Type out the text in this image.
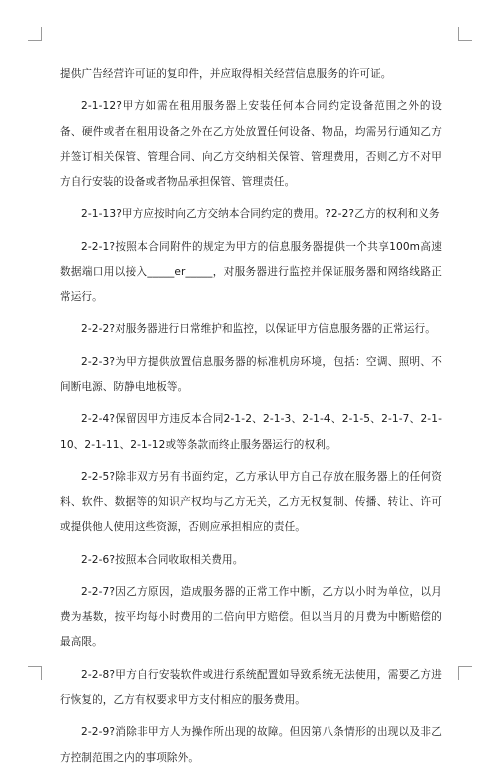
提供广告经营许可证的复印件，并应取得相关经营信息服务的许可证。

2-1-12?甲方如需在租用服务器上安装任何本合同约定设备范围之外的设备、硬件或者在租用设备之外在乙方处放置任何设备、物品，均需另行通知乙方并签订相关保管、管理合同、向乙方交纳相关保管、管理费用，否则乙方不对甲方自行安装的设备或者物品承担保管、管理责任。

2-1-13?甲方应按时向乙方交纳本合同约定的费用。?2-2?乙方的权利和义务

2-2-1?按照本合同附件的规定为甲方的信息服务器提供一个共享100m高速数据端口用以接入_____er_____，对服务器进行监控并保证服务器和网络线路正常运行。

2-2-2?对服务器进行日常维护和监控，以保证甲方信息服务器的正常运行。

2-2-3?为甲方提供放置信息服务器的标准机房环境，包括：空调、照明、不间断电源、防静电地板等。

2-2-4?保留因甲方违反本合同2-1-2、2-1-3、2-1-4、2-1-5、2-1-7、2-1-10、2-1-11、2-1-12或等条款而终止服务器运行的权利。

2-2-5?除非双方另有书面约定，乙方承认甲方自己存放在服务器上的任何资料、软件、数据等的知识产权均与乙方无关，乙方无权复制、传播、转让、许可或提供他人使用这些资源，否则应承担相应的责任。

2-2-6?按照本合同收取相关费用。

2-2-7?因乙方原因，造成服务器的正常工作中断，乙方以小时为单位，以月费为基数，按平均每小时费用的二倍向甲方赔偿。但以当月的月费为中断赔偿的最高限。

2-2-8?甲方自行安装软件或进行系统配置如导致系统无法使用，需要乙方进行恢复的，乙方有权要求甲方支付相应的服务费用。

2-2-9?消除非甲方人为操作所出现的故障。但因第八条情形的出现以及非乙方控制范围之内的事项除外。
